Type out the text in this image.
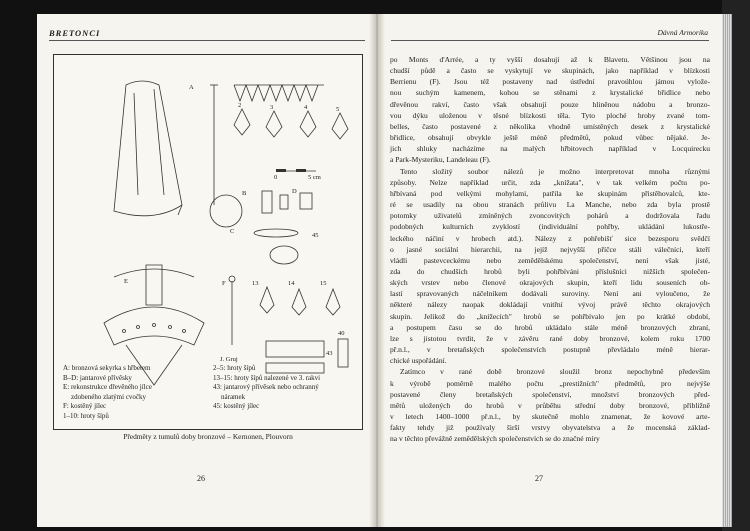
BRETONCI
A
2	3	4	5
0	5 cm
B
C
D
45
E	F	13	14	15
43
40
J. Gruj
A: bronzová sekyrka s hřbetem
B–D: jantarové přívěsky
E: rekonstrukce dřevěného jílce
zdobeného zlatými cvočky
F: kostěný jílec
1–10: hroty šípů
2–5: hroty šípů
13–15: hroty šípů nalezené ve 3. rakvi
43: jantarový přívěsek nebo ochranný
náramek
45: kostěný jílec
Předměty z tumulů doby bronzové – Kernonen, Plouvorn
26
Dávná Armorika

po Monts d'Arrée, a ty vyšší dosahují až k Blavetu. Většinou jsou na
chudší půdě a často se vyskytují ve skupinách, jako například v blízkosti
Berrienu (F). Jsou též postaveny nad ústřední pravoúhlou jámou vylože-
nou suchým kamenem, kohou se stěnami z krystalické břidlice nebo
dřevěnou rakví, často však obsahují pouze hliněnou nádobu a bronzo-
vou dýku uloženou v těsné blízkosti těla. Tyto ploché hroby zvané tom-
belles, často postavené z několika vhodně umístěných desek z krystalické
břidlice, obsahují obvykle ještě méně předmětů, pokud vůbec nějaké. Je-
jich shluky nacházíme na malých hřbitovech například v Locquirecku
a Park-Mysteriku, Landeleau (F).

Tento složitý soubor nálezů je možno interpretovat mnoha různými
způsoby. Nelze například určit, zda „knížata", v tak velkém počtu po-
hřbívaná pod velkými mohylami, patřila ke skupinám přistěhovalců, kte-
ré se usadily na obou stranách průlivu La Manche, nebo zda byla prostě
potomky uživatelů zmíněných zvoncovitých pohárů a dodržovala řadu
podobných kulturních zvyklostí (individuální pohřby, ukládání lukostře-
leckého náčiní v hrobech atd.). Nálezy z pohřebišť sice bezesporu svědčí
o jasné sociální hierarchii, na jejíž nejvyšší příčce stáli válečníci, kteří
vládli pastevceckému nebo zemědělskému společenství, není však jisté,
zda do chudších hrobů byli pohřbíváni příslušníci nižších společen-
ských vrstev nebo členové okrajových skupin, kteří lidu souseních ob-
lastí spravovaných náčelníkem dodávali suroviny. Není ani vyloučeno, že
některé nálezy naopak dokládají vnitřní vývoj právě těchto okrajových
skupin. Jelikož do „knížecích" hrobů se pohřbívalo jen po krátké období,
a postupem času se do hrobů ukládalo stále méně bronzových zbraní,
lze s jistotou tvrdit, že v závěru rané doby bronzové, kolem roku 1700
př.n.l., v bretaňských společenstvích postupně převládalo méně hierar-
chické uspořádání.

Zatímco v rané době bronzové sloužil bronz nepochybně především
k výrobě poměrně malého počtu „prestižních" předmětů, pro nejvýše
postavené členy bretaňských společenství, množství bronzových před-
mětů uložených do hrobů v průběhu střední doby bronzové, přibližně
v letech 1400–1000 př.n.l., by skutečně mohlo znamenat, že kovové arte-
fakty tehdy již používaly širší vrstvy obyvatelstva a že mocenská základ-
na v těchto převážně zemědělských společenstvích se do značné míry

27
